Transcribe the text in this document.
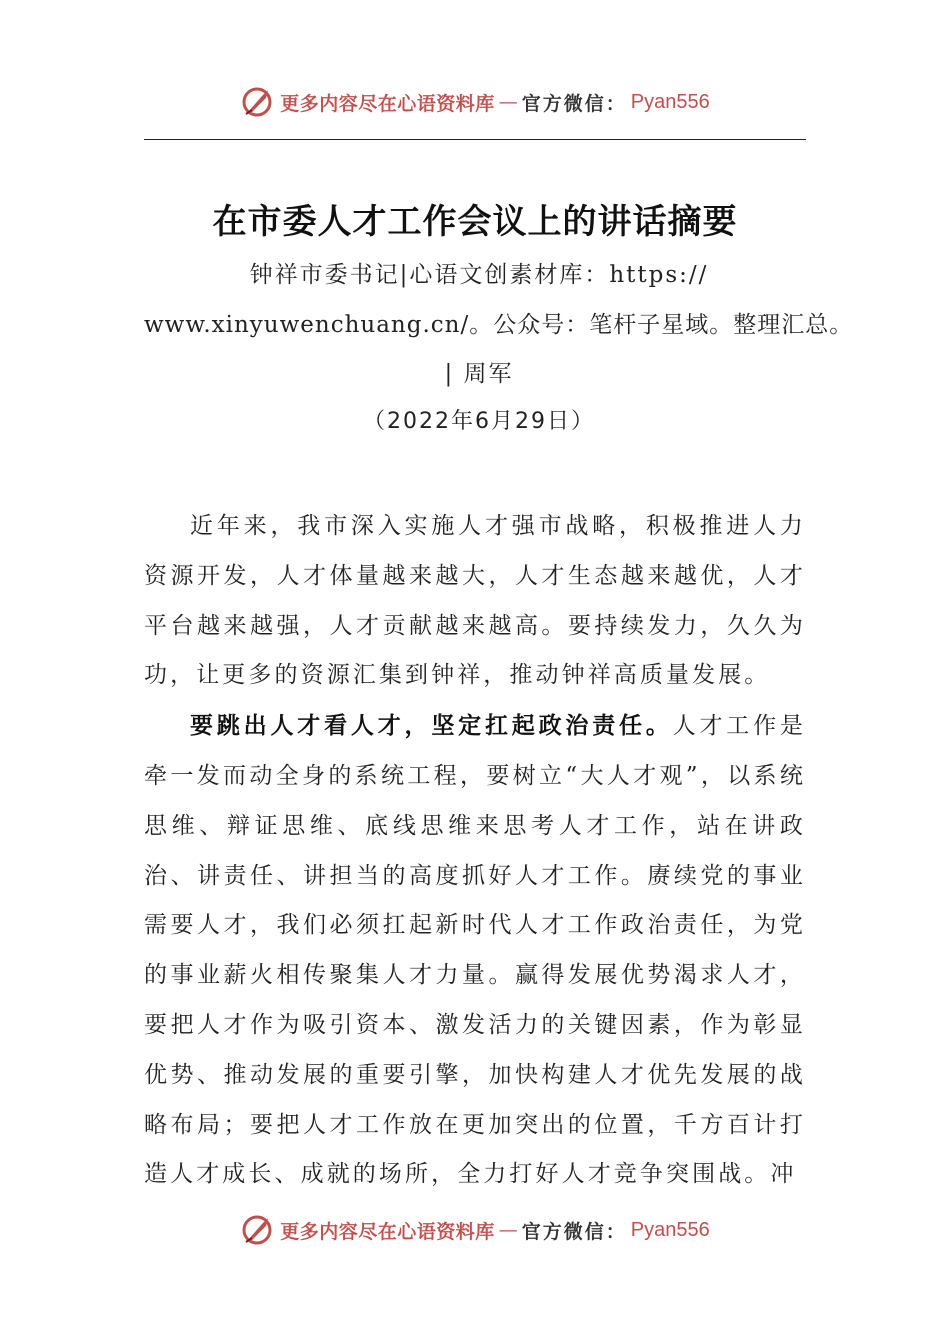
更多内容尽在心语资料库 — 官方微信： Pyan556
在市委人才工作会议上的讲话摘要
钟祥市委书记|心语文创素材库：https://
www.xinyuwenchuang.cn/。公众号：笔杆子星域。整理汇总。
| 周军
（2022年6月29日）

近年来，我市深入实施人才强市战略，积极推进人力资源开发，人才体量越来越大，人才生态越来越优，人才平台越来越强，人才贡献越来越高。要持续发力，久久为功，让更多的资源汇集到钟祥，推动钟祥高质量发展。

要跳出人才看人才，坚定扛起政治责任。人才工作是牵一发而动全身的系统工程，要树立“大人才观”，以系统思维、辩证思维、底线思维来思考人才工作，站在讲政治、讲责任、讲担当的高度抓好人才工作。赓续党的事业需要人才，我们必须扛起新时代人才工作政治责任，为党的事业薪火相传聚集人才力量。赢得发展优势渴求人才，要把人才作为吸引资本、激发活力的关键因素，作为彰显优势、推动发展的重要引擎，加快构建人才优先发展的战略布局；要把人才工作放在更加突出的位置，千方百计打造人才成长、成就的场所，全力打好人才竞争突围战。冲

更多内容尽在心语资料库 — 官方微信： Pyan556
